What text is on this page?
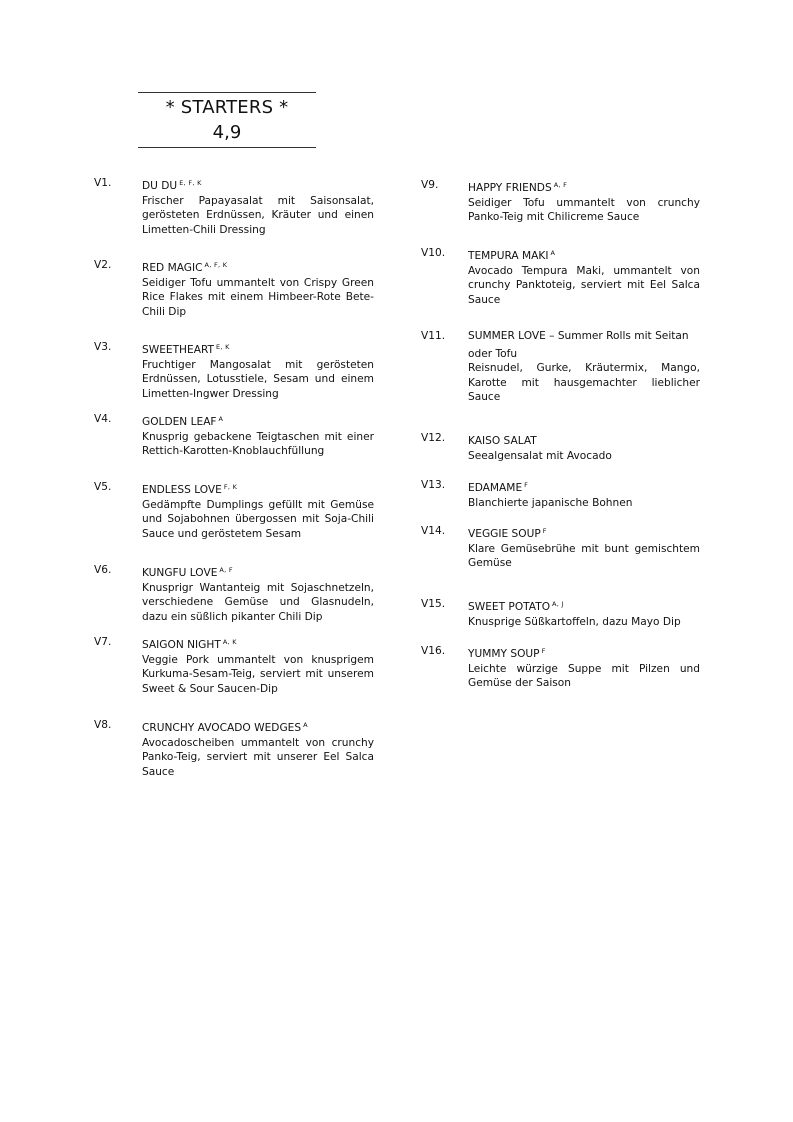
* STARTERS *
4,9
V1.	DU DU $^{E, F, K}$
Frischer Papayasalat mit Saisonsalat, gerösteten Erdnüssen, Kräuter und einen Limetten-Chili Dressing
V2.	RED MAGIC $^{A, F, K}$
Seidiger Tofu ummantelt von Crispy Green Rice Flakes mit einem Himbeer-Rote Bete-Chili Dip
V3.	SWEETHEART $^{E, K}$
Fruchtiger Mangosalat mit gerösteten Erdnüssen, Lotusstiele, Sesam und einem Limetten-Ingwer Dressing
V4.	GOLDEN LEAF $^A$
Knusprig gebackene Teigtaschen mit einer Rettich-Karotten-Knoblauchfüllung
V5.	ENDLESS LOVE $^{F, K}$
Gedämpfte Dumplings gefüllt mit Gemüse und Sojabohnen übergossen mit Soja-Chili Sauce und geröstetem Sesam
V6.	KUNGFU LOVE $^{A, F}$
Knusprigr Wantanteig mit Sojaschnetzeln, verschiedene Gemüse und Glasnudeln, dazu ein süßlich pikanter Chili Dip
V7.	SAIGON NIGHT $^{A, K}$
Veggie Pork ummantelt von knusprigem Kurkuma-Sesam-Teig, serviert mit unserem Sweet & Sour Saucen-Dip
V8.	CRUNCHY AVOCADO WEDGES $^A$
Avocadoscheiben ummantelt von crunchy Panko-Teig, serviert mit unserer Eel Salca Sauce
V9.	HAPPY FRIENDS $^{A, F}$
Seidiger Tofu ummantelt von crunchy Panko-Teig mit Chilicreme Sauce
V10. TEMPURA MAKI $^A$
Avocado Tempura Maki, ummantelt von crunchy Panktoteig, serviert mit Eel Salca Sauce
V11. SUMMER LOVE – Summer Rolls mit Seitan oder Tofu
Reisnudel, Gurke, Kräutermix, Mango, Karotte mit hausgemachter lieblicher Sauce
V12. KAISO SALAT
Seealgensalat mit Avocado
V13. EDAMAME $^F$
Blanchierte japanische Bohnen
V14. VEGGIE SOUP $^F$
Klare Gemüsebrühe mit bunt gemischtem Gemüse
V15. SWEET POTATO $^{A, J}$
Knusprige Süßkartoffeln, dazu Mayo Dip
V16. YUMMY SOUP $^F$
Leichte würzige Suppe mit Pilzen und Gemüse der Saison
